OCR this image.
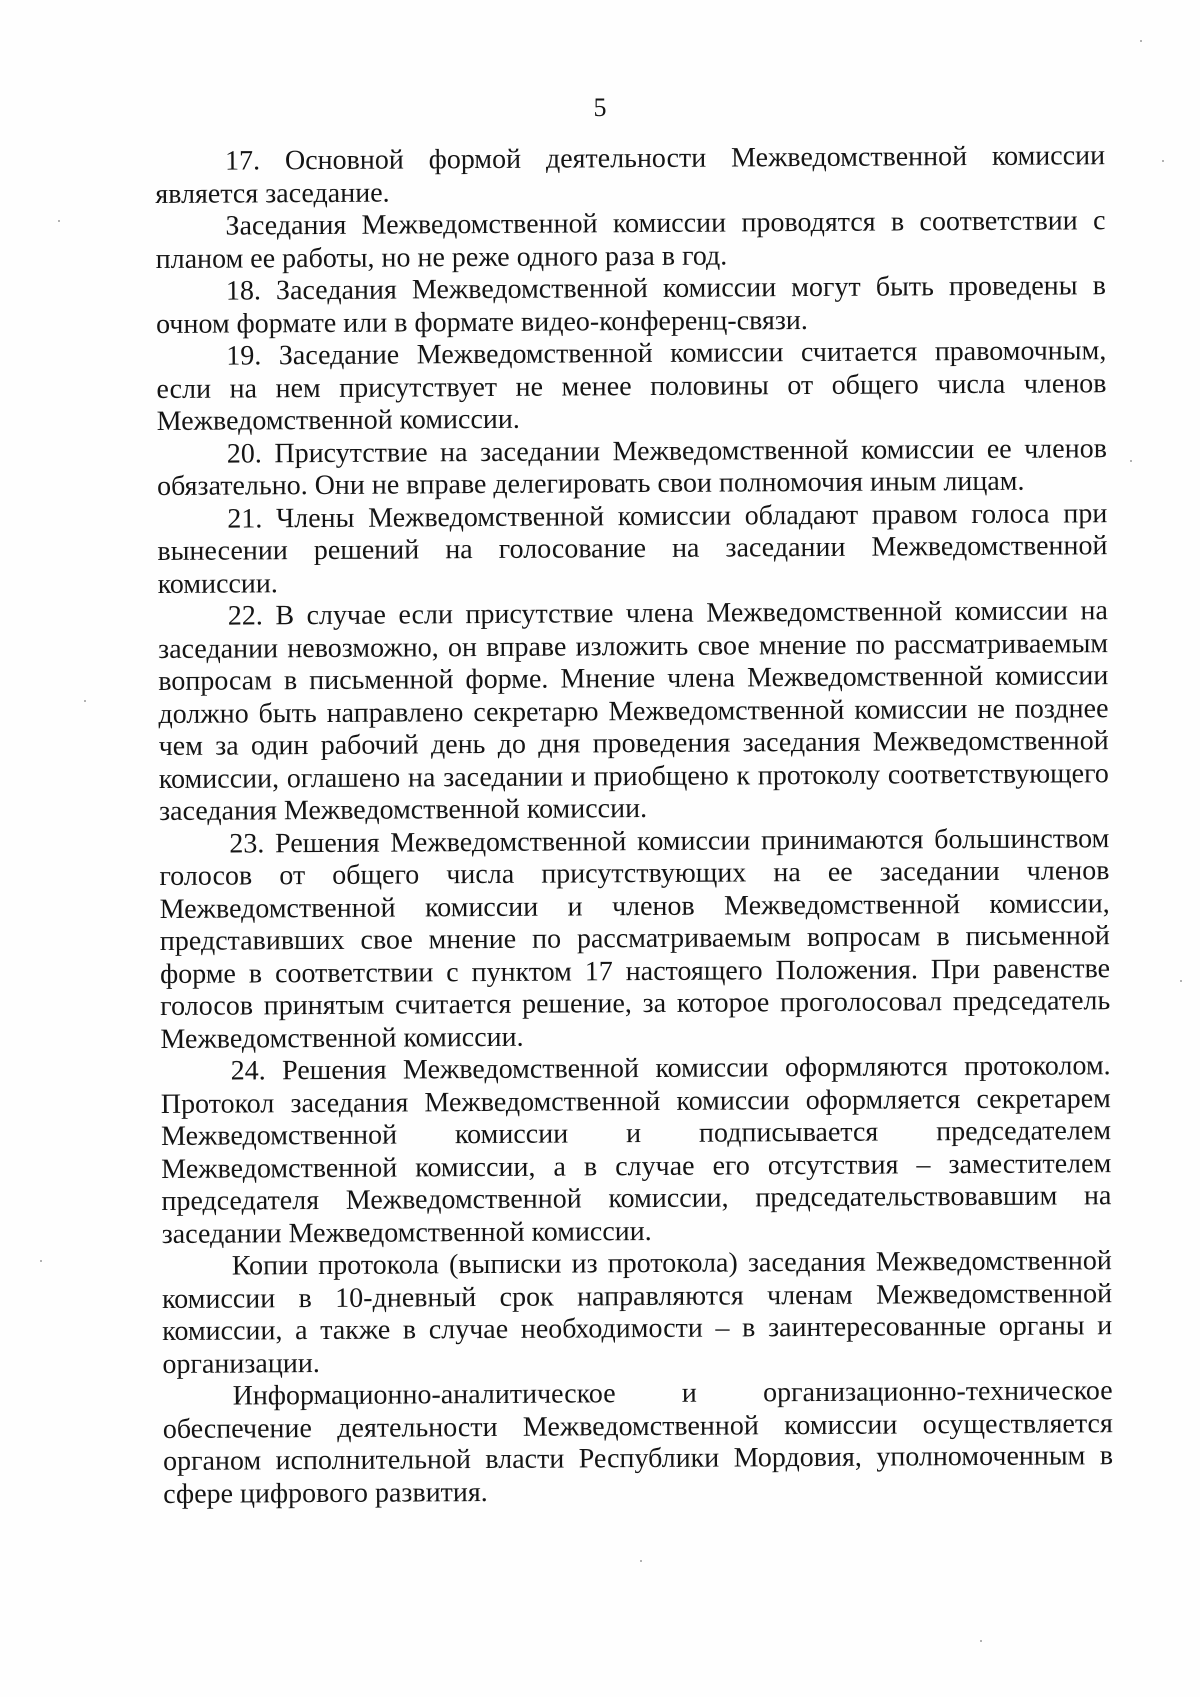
5

17. Основной формой деятельности Межведомственной комиссии является заседание.

Заседания Межведомственной комиссии проводятся в соответствии с планом ее работы, но не реже одного раза в год.

18. Заседания Межведомственной комиссии могут быть проведены в очном формате или в формате видео-конференц-связи.

19. Заседание Межведомственной комиссии считается правомочным, если на нем присутствует не менее половины от общего числа членов Межведомственной комиссии.

20. Присутствие на заседании Межведомственной комиссии ее членов обязательно. Они не вправе делегировать свои полномочия иным лицам.

21. Члены Межведомственной комиссии обладают правом голоса при вынесении решений на голосование на заседании Межведомственной комиссии.

22. В случае если присутствие члена Межведомственной комиссии на заседании невозможно, он вправе изложить свое мнение по рассматриваемым вопросам в письменной форме. Мнение члена Межведомственной комиссии должно быть направлено секретарю Межведомственной комиссии не позднее чем за один рабочий день до дня проведения заседания Межведомственной комиссии, оглашено на заседании и приобщено к протоколу соответствующего заседания Межведомственной комиссии.

23. Решения Межведомственной комиссии принимаются большинством голосов от общего числа присутствующих на ее заседании членов Межведомственной комиссии и членов Межведомственной комиссии, представивших свое мнение по рассматриваемым вопросам в письменной форме в соответствии с пунктом 17 настоящего Положения. При равенстве голосов принятым считается решение, за которое проголосовал председатель Межведомственной комиссии.

24. Решения Межведомственной комиссии оформляются протоколом. Протокол заседания Межведомственной комиссии оформляется секретарем Межведомственной комиссии и подписывается председателем Межведомственной комиссии, а в случае его отсутствия – заместителем председателя Межведомственной комиссии, председательствовавшим на заседании Межведомственной комиссии.

Копии протокола (выписки из протокола) заседания Межведомственной комиссии в 10-дневный срок направляются членам Межведомственной комиссии, а также в случае необходимости – в заинтересованные органы и организации.

Информационно-аналитическое и организационно-техническое обеспечение деятельности Межведомственной комиссии осуществляется органом исполнительной власти Республики Мордовия, уполномоченным в сфере цифрового развития.
